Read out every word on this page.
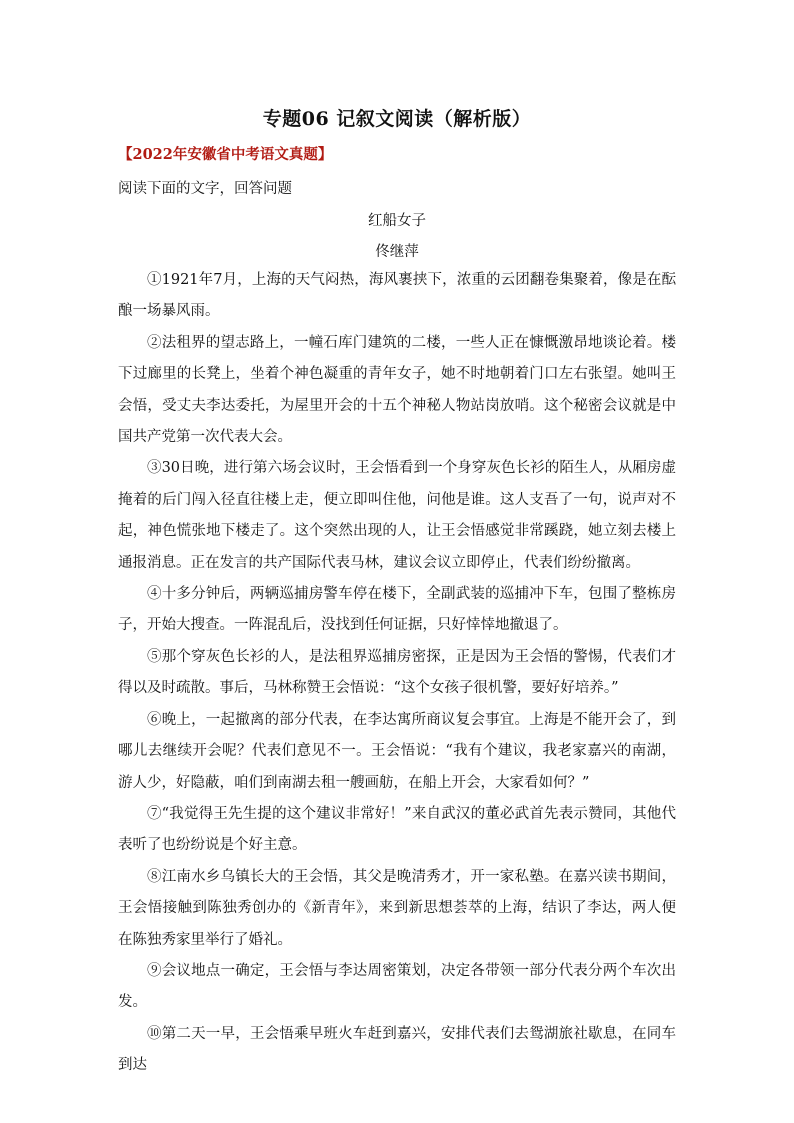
专题06 记叙文阅读（解析版）
【2022年安徽省中考语文真题】
阅读下面的文字，回答问题
红船女子
佟继萍

①1921年7月，上海的天气闷热，海风裹挟下，浓重的云团翻卷集聚着，像是在酝酿一场暴风雨。

②法租界的望志路上，一幢石库门建筑的二楼，一些人正在慷慨激昂地谈论着。楼下过廊里的长凳上，坐着个神色凝重的青年女子，她不时地朝着门口左右张望。她叫王会悟，受丈夫李达委托，为屋里开会的十五个神秘人物站岗放哨。这个秘密会议就是中国共产党第一次代表大会。

③30日晚，进行第六场会议时，王会悟看到一个身穿灰色长衫的陌生人，从厢房虚掩着的后门闯入径直往楼上走，便立即叫住他，问他是谁。这人支吾了一句，说声对不起，神色慌张地下楼走了。这个突然出现的人，让王会悟感觉非常蹊跷，她立刻去楼上通报消息。正在发言的共产国际代表马林，建议会议立即停止，代表们纷纷撤离。

④十多分钟后，两辆巡捕房警车停在楼下，全副武装的巡捕冲下车，包围了整栋房子，开始大搜查。一阵混乱后，没找到任何证据，只好悻悻地撤退了。

⑤那个穿灰色长衫的人，是法租界巡捕房密探，正是因为王会悟的警惕，代表们才得以及时疏散。事后，马林称赞王会悟说：“这个女孩子很机警，要好好培养。”

⑥晚上，一起撤离的部分代表，在李达寓所商议复会事宜。上海是不能开会了，到哪儿去继续开会呢？代表们意见不一。王会悟说：“我有个建议，我老家嘉兴的南湖，游人少，好隐蔽，咱们到南湖去租一艘画舫，在船上开会，大家看如何？”

⑦“我觉得王先生提的这个建议非常好！”来自武汉的董必武首先表示赞同，其他代表听了也纷纷说是个好主意。

⑧江南水乡乌镇长大的王会悟，其父是晚清秀才，开一家私塾。在嘉兴读书期间，王会悟接触到陈独秀创办的《新青年》，来到新思想荟萃的上海，结识了李达，两人便在陈独秀家里举行了婚礼。

⑨会议地点一确定，王会悟与李达周密策划，决定各带领一部分代表分两个车次出发。

⑩第二天一早，王会悟乘早班火车赶到嘉兴，安排代表们去鸳湖旅社歇息，在同车到达
